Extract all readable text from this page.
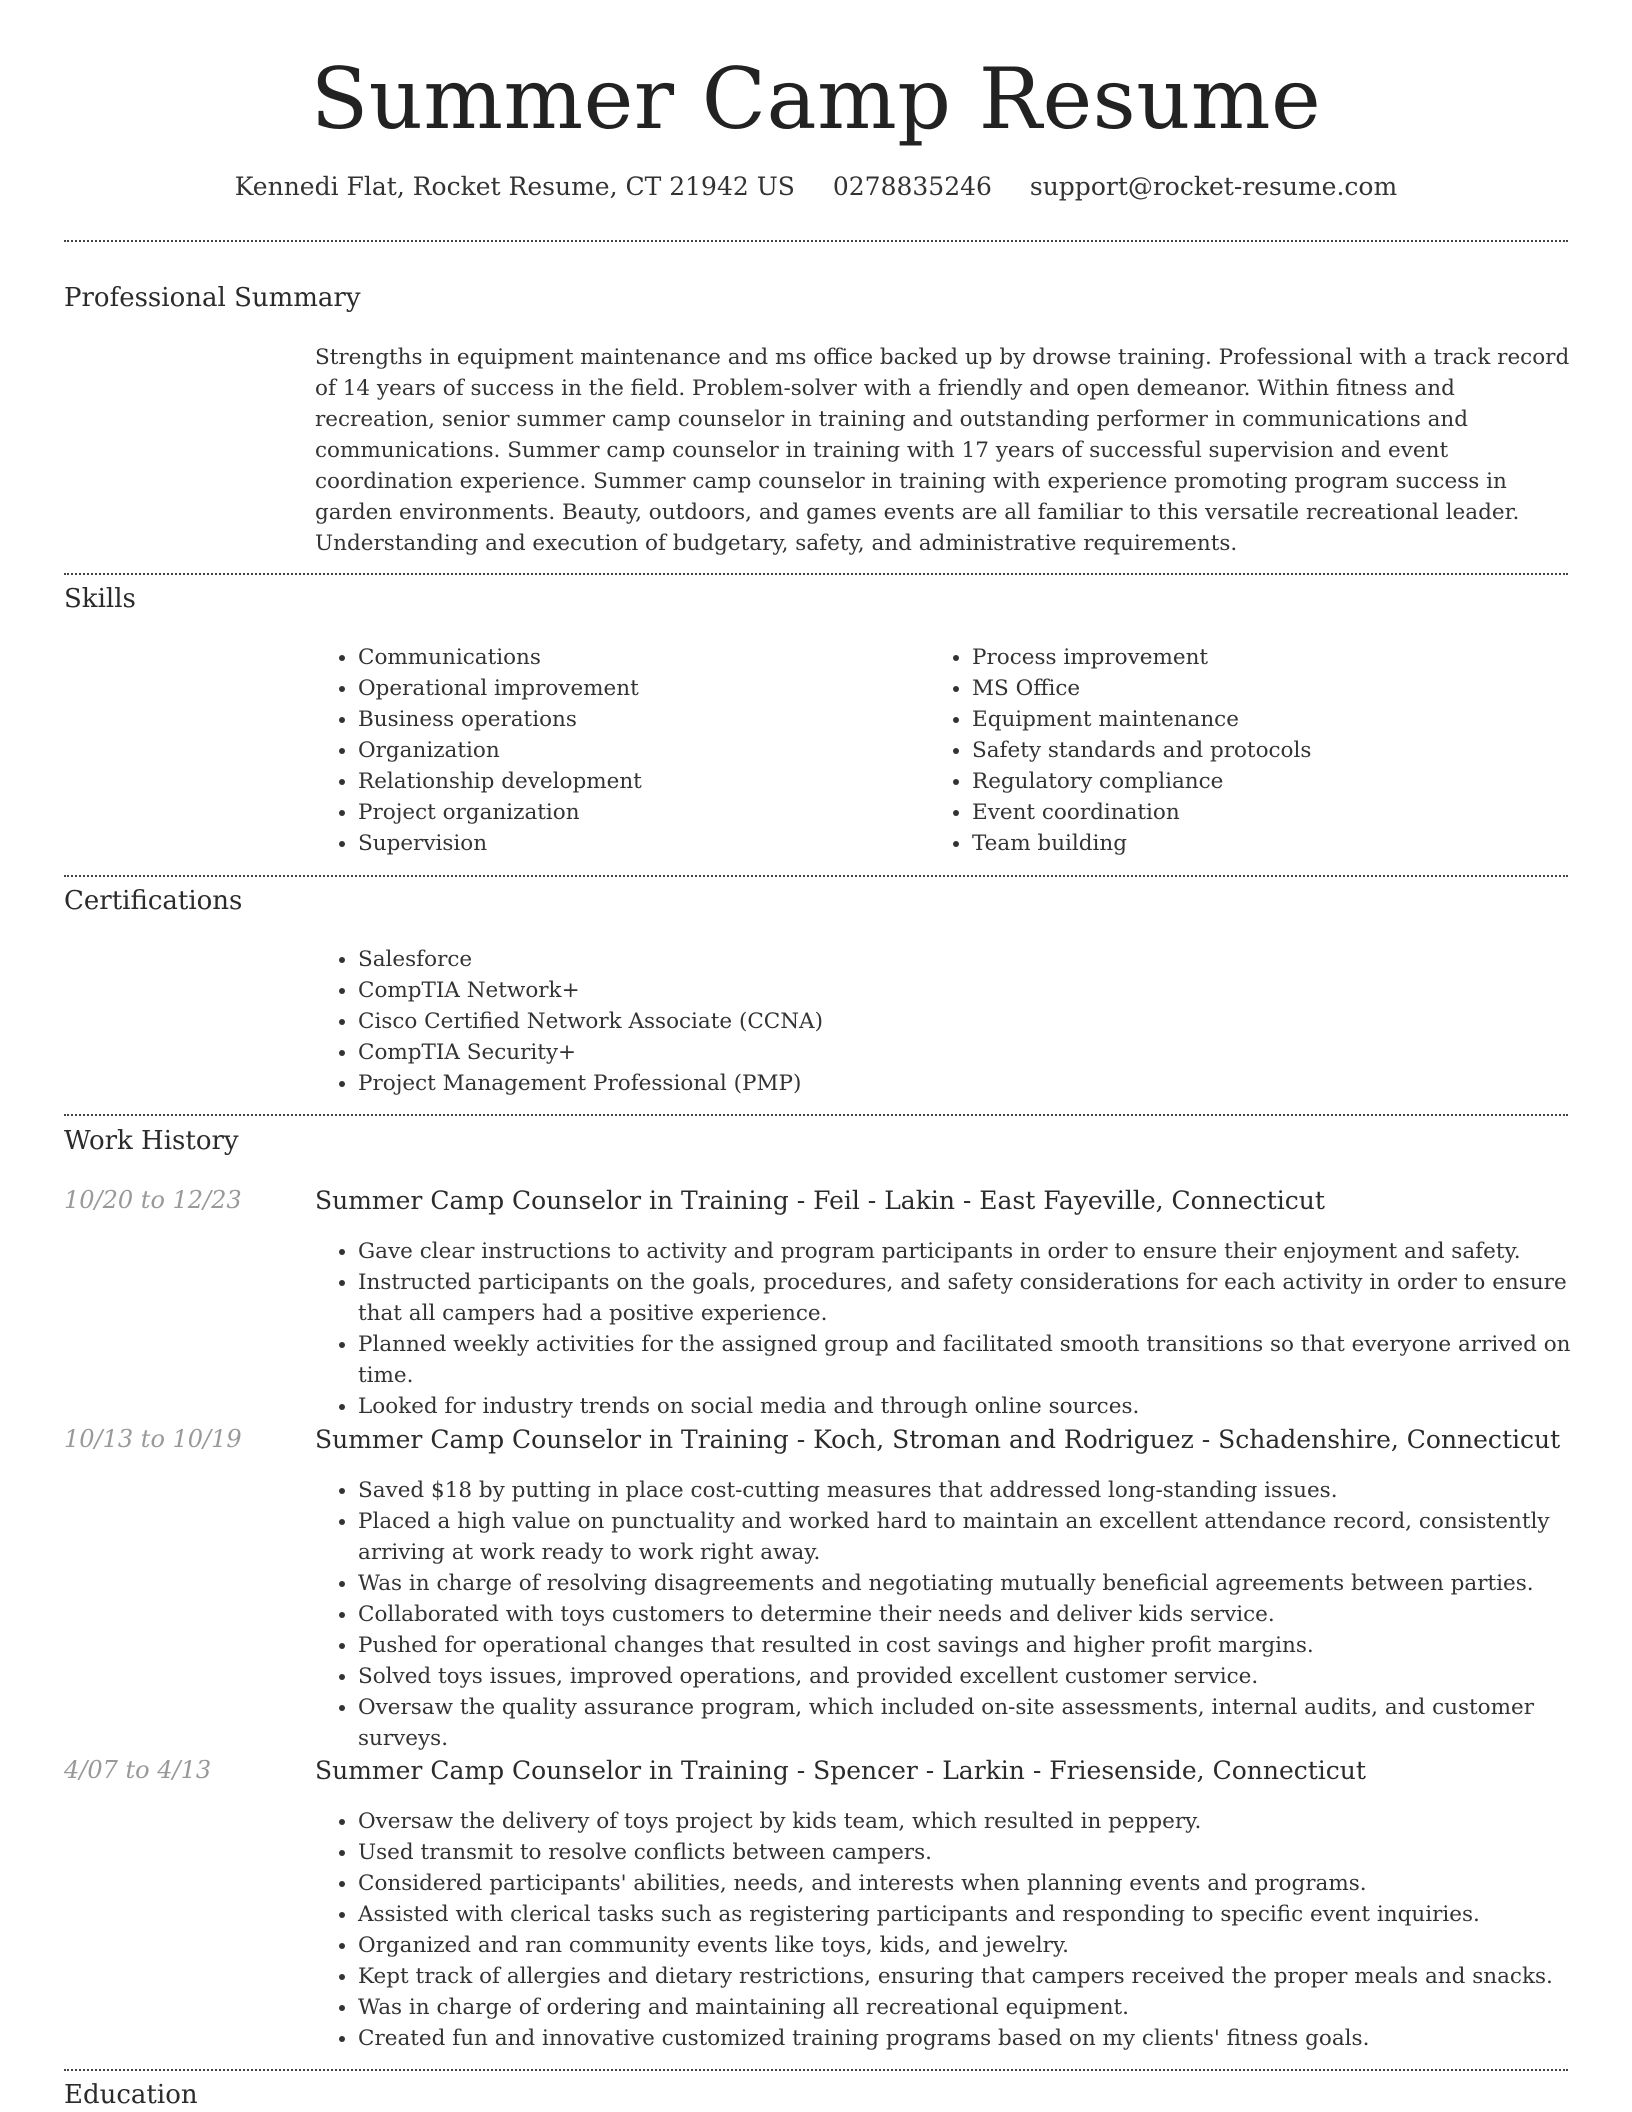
Summer Camp Resume
Kennedi Flat, Rocket Resume, CT 21942 US 0278835246 support@rocket-resume.com
Professional Summary

Strengths in equipment maintenance and ms office backed up by drowse training. Professional with a track record of 14 years of success in the field. Problem-solver with a friendly and open demeanor. Within fitness and recreation, senior summer camp counselor in training and outstanding performer in communications and communications. Summer camp counselor in training with 17 years of successful supervision and event coordination experience. Summer camp counselor in training with experience promoting program success in garden environments. Beauty, outdoors, and games events are all familiar to this versatile recreational leader. Understanding and execution of budgetary, safety, and administrative requirements.

Skills
• Communications
• Operational improvement
• Business operations
• Organization
• Relationship development
• Project organization
• Supervision
• Process improvement
• MS Office
• Equipment maintenance
• Safety standards and protocols
• Regulatory compliance
• Event coordination
• Team building
Certifications
• Salesforce
• CompTIA Network+
• Cisco Certified Network Associate (CCNA)
• CompTIA Security+
• Project Management Professional (PMP)
Work History
10/20 to 12/23	Summer Camp Counselor in Training - Feil - Lakin - East Fayeville, Connecticut
• Gave clear instructions to activity and program participants in order to ensure their enjoyment and safety.
• Instructed participants on the goals, procedures, and safety considerations for each activity in order to ensure that all campers had a positive experience.
• Planned weekly activities for the assigned group and facilitated smooth transitions so that everyone arrived on time.
• Looked for industry trends on social media and through online sources.
10/13 to 10/19	Summer Camp Counselor in Training - Koch, Stroman and Rodriguez - Schadenshire, Connecticut
• Saved $18 by putting in place cost-cutting measures that addressed long-standing issues.
• Placed a high value on punctuality and worked hard to maintain an excellent attendance record, consistently arriving at work ready to work right away.
• Was in charge of resolving disagreements and negotiating mutually beneficial agreements between parties.
• Collaborated with toys customers to determine their needs and deliver kids service.
• Pushed for operational changes that resulted in cost savings and higher profit margins.
• Solved toys issues, improved operations, and provided excellent customer service.
• Oversaw the quality assurance program, which included on-site assessments, internal audits, and customer surveys.
4/07 to 4/13	Summer Camp Counselor in Training - Spencer - Larkin - Friesenside, Connecticut
• Oversaw the delivery of toys project by kids team, which resulted in peppery.
• Used transmit to resolve conflicts between campers.
• Considered participants' abilities, needs, and interests when planning events and programs.
• Assisted with clerical tasks such as registering participants and responding to specific event inquiries.
• Organized and ran community events like toys, kids, and jewelry.
• Kept track of allergies and dietary restrictions, ensuring that campers received the proper meals and snacks.
• Was in charge of ordering and maintaining all recreational equipment.
• Created fun and innovative customized training programs based on my clients' fitness goals.
Education
